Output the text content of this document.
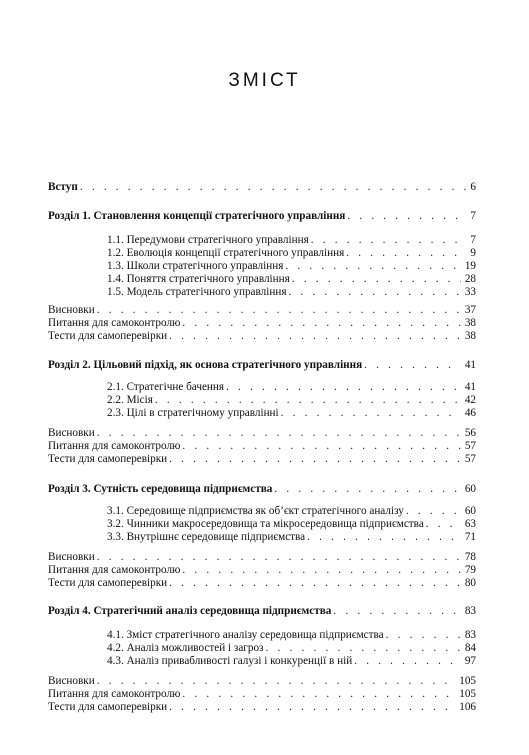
ЗМІСТ
Вступ . . .	6
Розділ 1. Становлення концепції стратегічного управління . . .	7
1.1. Передумови стратегічного управління . . .	7
1.2. Еволюція концепції стратегічного управління . . .	9
1.3. Школи стратегічного управління . . .	19
1.4. Поняття стратегічного управління . . .	28
1.5. Модель стратегічного управління . . .	33
Висновки . . .	37
Питання для самоконтролю . . .	38
Тести для самоперевірки . . .	38
Розділ 2. Цільовий підхід, як основа стратегічного управління . . .	41
2.1. Стратегічне бачення . . .	41
2.2. Місія . . .	42
2.3. Цілі в стратегічному управлінні . . .	46
Висновки . . .	56
Питання для самоконтролю . . .	57
Тести для самоперевірки . . .	57
Розділ 3. Сутність середовища підприємства . . .	60
3.1. Середовище підприємства як об’єкт стратегічного аналізу . . .	60
3.2. Чинники макросередовища та мікросередовища підприємства . . .	63
3.3. Внутрішнє середовище підприємства . . .	71
Висновки . . .	78
Питання для самоконтролю . . .	79
Тести для самоперевірки . . .	80
Розділ 4. Стратегічний аналіз середовища підприємства . . .	83
4.1. Зміст стратегічного аналізу середовища підприємства . . .	83
4.2. Аналіз можливостей і загроз . . .	84
4.3. Аналіз привабливості галузі і конкуренції в ній . . .	97
Висновки . . .	105
Питання для самоконтролю . . .	105
Тести для самоперевірки . . .	106
